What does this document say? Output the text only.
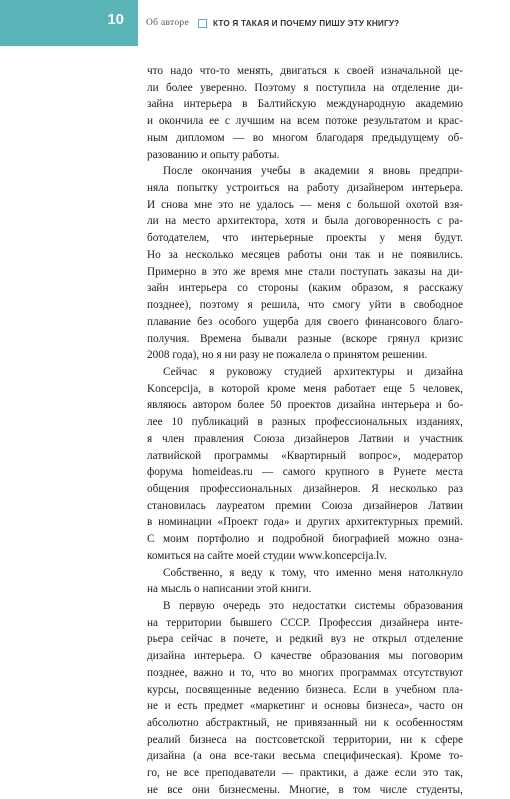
10 Об авторе	КТО Я ТАКАЯ И ПОЧЕМУ ПИШУ ЭТУ КНИГУ?
что надо что-то менять, двигаться к своей изначальной це-
ли более уверенно. Поэтому я поступила на отделение ди-
зайна интерьера в Балтийскую международную академию
и окончила ее с лучшим на всем потоке результатом и крас-
ным дипломом — во многом благодаря предыдущему об-
разованию и опыту работы.
После окончания учебы в академии я вновь предпри-
няла попытку устроиться на работу дизайнером интерьера.
И снова мне это не удалось — меня с большой охотой взя-
ли на место архитектора, хотя и была договоренность с ра-
ботодателем, что интерьерные проекты у меня будут.
Но за несколько месяцев работы они так и не появились.
Примерно в это же время мне стали поступать заказы на ди-
зайн интерьера со стороны (каким образом, я расскажу
позднее), поэтому я решила, что смогу уйти в свободное
плавание без особого ущерба для своего финансового благо-
получия. Времена бывали разные (вскоре грянул кризис
2008 года), но я ни разу не пожалела о принятом решении.
Сейчас я руковожу студией архитектуры и дизайна
Koncepcija, в которой кроме меня работает еще 5 человек,
являюсь автором более 50 проектов дизайна интерьера и бо-
лее 10 публикаций в разных профессиональных изданиях,
я член правления Союза дизайнеров Латвии и участник
латвийской программы «Квартирный вопрос», модератор
форума homeideas.ru — самого крупного в Рунете места
общения профессиональных дизайнеров. Я несколько раз
становилась лауреатом премии Союза дизайнеров Латвии
в номинации «Проект года» и других архитектурных премий.
С моим портфолио и подробной биографией можно озна-
комиться на сайте моей студии www.koncepcija.lv.
Собственно, я веду к тому, что именно меня натолкнуло
на мысль о написании этой книги.
В первую очередь это недостатки системы образования
на территории бывшего СССР. Профессия дизайнера инте-
рьера сейчас в почете, и редкий вуз не открыл отделение
дизайна интерьера. О качестве образования мы поговорим
позднее, важно и то, что во многих программах отсутствуют
курсы, посвященные ведению бизнеса. Если в учебном пла-
не и есть предмет «маркетинг и основы бизнеса», часто он
абсолютно абстрактный, не привязанный ни к особенностям
реалий бизнеса на постсоветской территории, ни к сфере
дизайна (а она все-таки весьма специфическая). Кроме то-
го, не все преподаватели — практики, а даже если это так,
не все они бизнесмены. Многие, в том числе студенты,
